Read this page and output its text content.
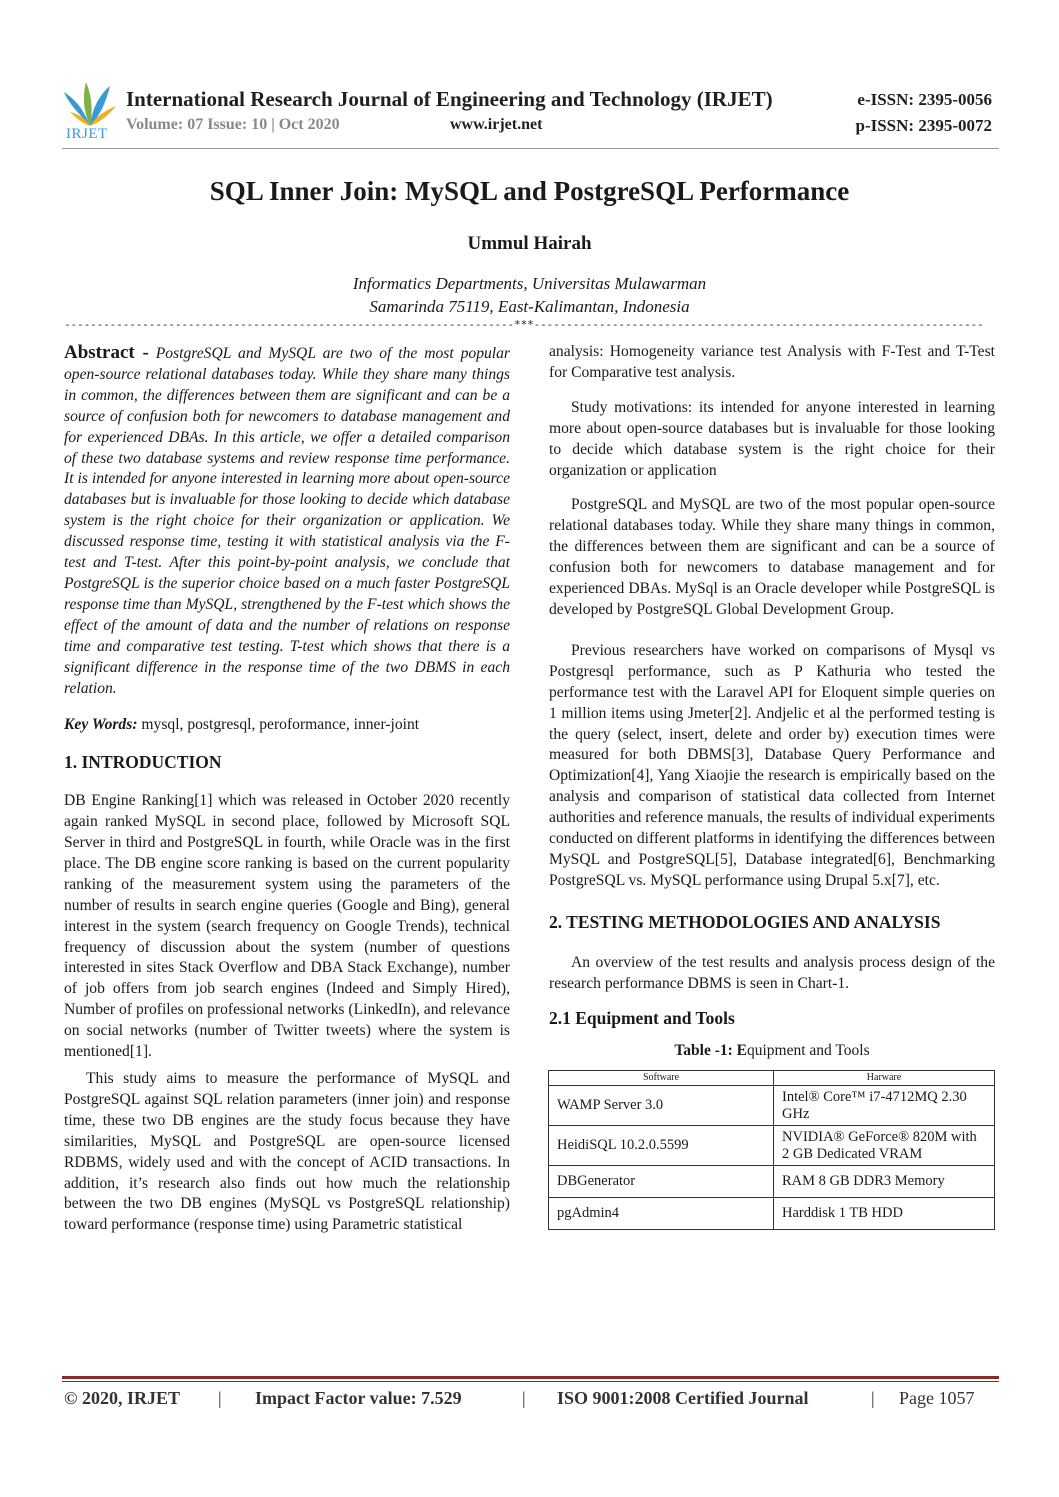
IRJET
International Research Journal of Engineering and Technology (IRJET)
Volume: 07 Issue: 10 | Oct 2020	www.irjet.net
e-ISSN: 2395-0056
p-ISSN: 2395-0072
SQL Inner Join: MySQL and PostgreSQL Performance
Ummul Hairah
Informatics Departments, Universitas Mulawarman
Samarinda 75119, East-Kalimantan, Indonesia
---------------------------------------------------------------------***---------------------------------------------------------------------

Abstract - PostgreSQL and MySQL are two of the most popular open-source relational databases today. While they share many things in common, the differences between them are significant and can be a source of confusion both for newcomers to database management and for experienced DBAs. In this article, we offer a detailed comparison of these two database systems and review response time performance. It is intended for anyone interested in learning more about open-source databases but is invaluable for those looking to decide which database system is the right choice for their organization or application. We discussed response time, testing it with statistical analysis via the F-test and T-test. After this point-by-point analysis, we conclude that PostgreSQL is the superior choice based on a much faster PostgreSQL response time than MySQL, strengthened by the F-test which shows the effect of the amount of data and the number of relations on response time and comparative test testing. T-test which shows that there is a significant difference in the response time of the two DBMS in each relation.

Key Words: mysql, postgresql, peroformance, inner-joint

1. INTRODUCTION

DB Engine Ranking[1] which was released in October 2020 recently again ranked MySQL in second place, followed by Microsoft SQL Server in third and PostgreSQL in fourth, while Oracle was in the first place. The DB engine score ranking is based on the current popularity ranking of the measurement system using the parameters of the number of results in search engine queries (Google and Bing), general interest in the system (search frequency on Google Trends), technical frequency of discussion about the system (number of questions interested in sites Stack Overflow and DBA Stack Exchange), number of job offers from job search engines (Indeed and Simply Hired), Number of profiles on professional networks (LinkedIn), and relevance on social networks (number of Twitter tweets) where the system is mentioned[1].

This study aims to measure the performance of MySQL and PostgreSQL against SQL relation parameters (inner join) and response time, these two DB engines are the study focus because they have similarities, MySQL and PostgreSQL are open-source licensed RDBMS, widely used and with the concept of ACID transactions. In addition, it’s research also finds out how much the relationship between the two DB engines (MySQL vs PostgreSQL relationship) toward performance (response time) using Parametric statistical

analysis: Homogeneity variance test Analysis with F-Test and T-Test for Comparative test analysis.

Study motivations: its intended for anyone interested in learning more about open-source databases but is invaluable for those looking to decide which database system is the right choice for their organization or application

PostgreSQL and MySQL are two of the most popular open-source relational databases today. While they share many things in common, the differences between them are significant and can be a source of confusion both for newcomers to database management and for experienced DBAs. MySql is an Oracle developer while PostgreSQL is developed by PostgreSQL Global Development Group.

Previous researchers have worked on comparisons of Mysql vs Postgresql performance, such as P Kathuria who tested the performance test with the Laravel API for Eloquent simple queries on 1 million items using Jmeter[2]. Andjelic et al the performed testing is the query (select, insert, delete and order by) execution times were measured for both DBMS[3], Database Query Performance and Optimization[4], Yang Xiaojie the research is empirically based on the analysis and comparison of statistical data collected from Internet authorities and reference manuals, the results of individual experiments conducted on different platforms in identifying the differences between MySQL and PostgreSQL[5], Database integrated[6], Benchmarking PostgreSQL vs. MySQL performance using Drupal 5.x[7], etc.

2. TESTING METHODOLOGIES AND ANALYSIS

An overview of the test results and analysis process design of the research performance DBMS is seen in Chart-1.

2.1 Equipment and Tools

Table -1: Equipment and Tools

Software	Harware
WAMP Server 3.0	Intel® Core™ i7-4712MQ 2.30 GHz
HeidiSQL 10.2.0.5599	NVIDIA® GeForce® 820M with 2 GB Dedicated VRAM
DBGenerator	RAM 8 GB DDR3 Memory
pgAdmin4	Harddisk 1 TB HDD
© 2020, IRJET | Impact Factor value: 7.529	| ISO 9001:2008 Certified Journal	| Page 1057
